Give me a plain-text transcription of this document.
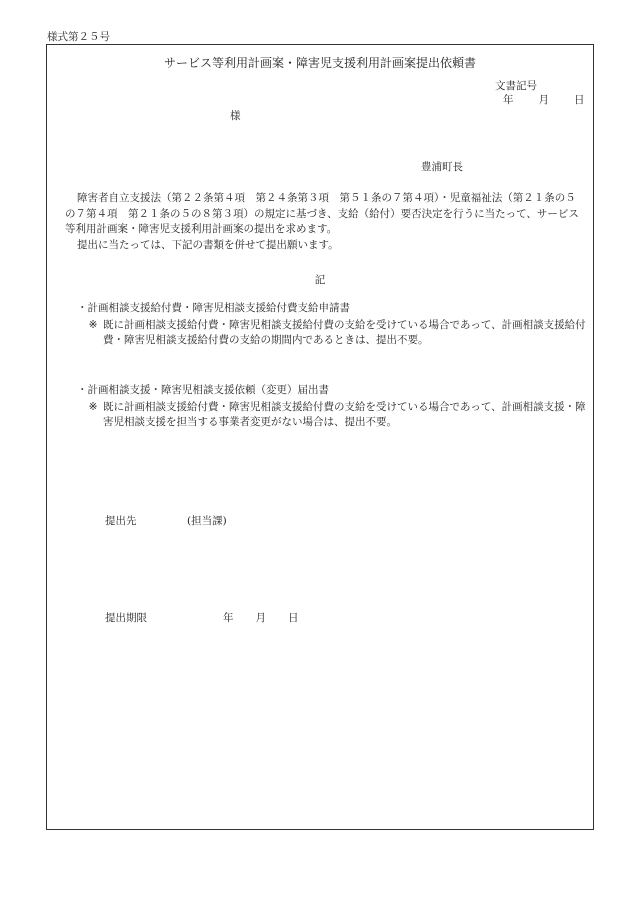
様式第２５号
サービス等利用計画案・障害児支援利用計画案提出依頼書
文書記号
年 月 日
様
豊浦町長

障害者自立支援法（第２２条第４項　第２４条第３項　第５１条の７第４項）・児童福祉法（第２１条の５の７第４項　第２１条の５の８第３項）の規定に基づき、支給（給付）要否決定を行うに当たって、サービス等利用計画案・障害児支援利用計画案の提出を求めます。

提出に当たっては、下記の書類を併せて提出願います。

記

・計画相談支援給付費・障害児相談支援給付費支給申請書

※ 既に計画相談支援給付費・障害児相談支援給付費の支給を受けている場合であって、計画相談支援給付費・障害児相談支援給付費の支給の期間内であるときは、提出不要。

・計画相談支援・障害児相談支援依頼（変更）届出書

※ 既に計画相談支援給付費・障害児相談支援給付費の支給を受けている場合であって、計画相談支援・障害児相談支援を担当する事業者変更がない場合は、提出不要。
提出先	(担当課)
提出期限	年 月 日
